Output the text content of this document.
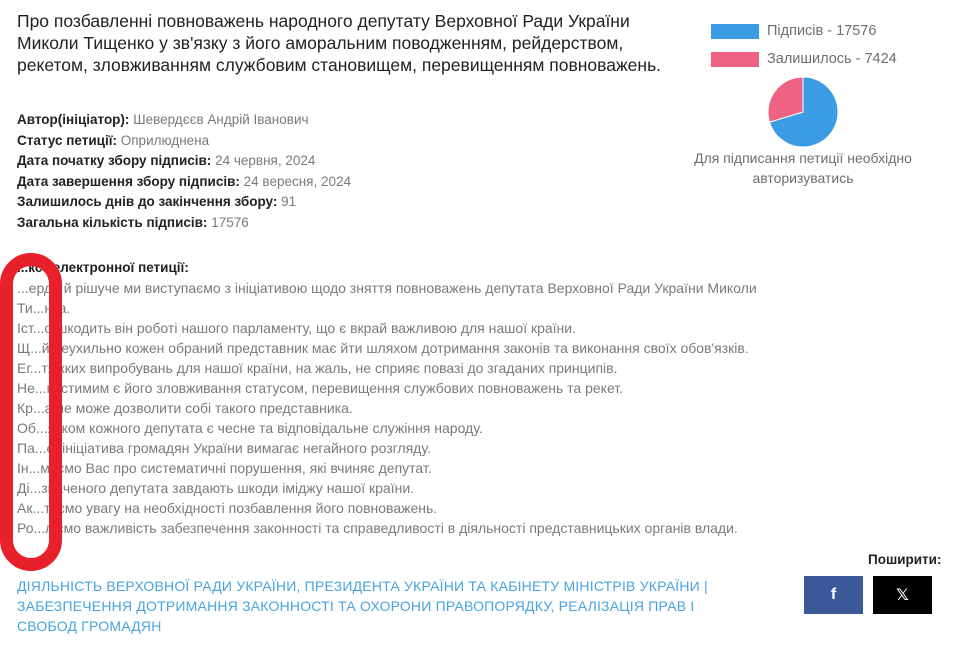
Про позбавленні повноважень народного депутату Верховної Ради України Миколи Тищенко у зв'язку з його аморальним поводженням, рейдерством, рекетом, зловживанням службовим становищем, перевищенням повноважень.
Автор(ініціатор): Шевердєєв Андрій Іванович
Статус петиції: Оприлюднена
Дата початку збору підписів: 24 червня, 2024
Дата завершення збору підписів: 24 вересня, 2024
Залишилось днів до закінчення збору: 91
Загальна кількість підписів: 17576
Підписів - 17576
Залишилось - 7424
Для підписання петиції необхідно авторизуватись
...кст електронної петиції:
...ердо й рішуче ми виступаємо з ініціативою щодо зняття повноважень депутата Верховної Ради України Миколи
Ти...нка.
Іст...о шкодить він роботі нашого парламенту, що є вкрай важливою для нашої країни.
Щ...й неухильно кожен обраний представник має йти шляхом дотримання законів та виконання своїх обов'язків.
Ег...тяжких випробувань для нашої країни, на жаль, не сприяє повазі до згаданих принципів.
Не...пустимим є його зловживання статусом, перевищення службових повноважень та рекет.
Кр...а не може дозволити собі такого представника.
Об...язком кожного депутата є чесне та відповідальне служіння народу.
Па...е, ініціатива громадян України вимагає негайного розгляду.
Ін...муємо Вас про систематичні порушення, які вчиняє депутат.
Ді...значеного депутата завдають шкоди іміджу нашої країни.
Ак...туємо увагу на необхідності позбавлення його повноважень.
Ро...ліємо важливість забезпечення законності та справедливості в діяльності представницьких органів влади.
Поширити:
f	𝕏
ДІЯЛЬНІСТЬ ВЕРХОВНОЇ РАДИ УКРАЇНИ, ПРЕЗИДЕНТА УКРАЇНИ ТА КАБІНЕТУ МІНІСТРІВ УКРАЇНИ | ЗАБЕЗПЕЧЕННЯ ДОТРИМАННЯ ЗАКОННОСТІ ТА ОХОРОНИ ПРАВОПОРЯДКУ, РЕАЛІЗАЦІЯ ПРАВ І СВОБОД ГРОМАДЯН
